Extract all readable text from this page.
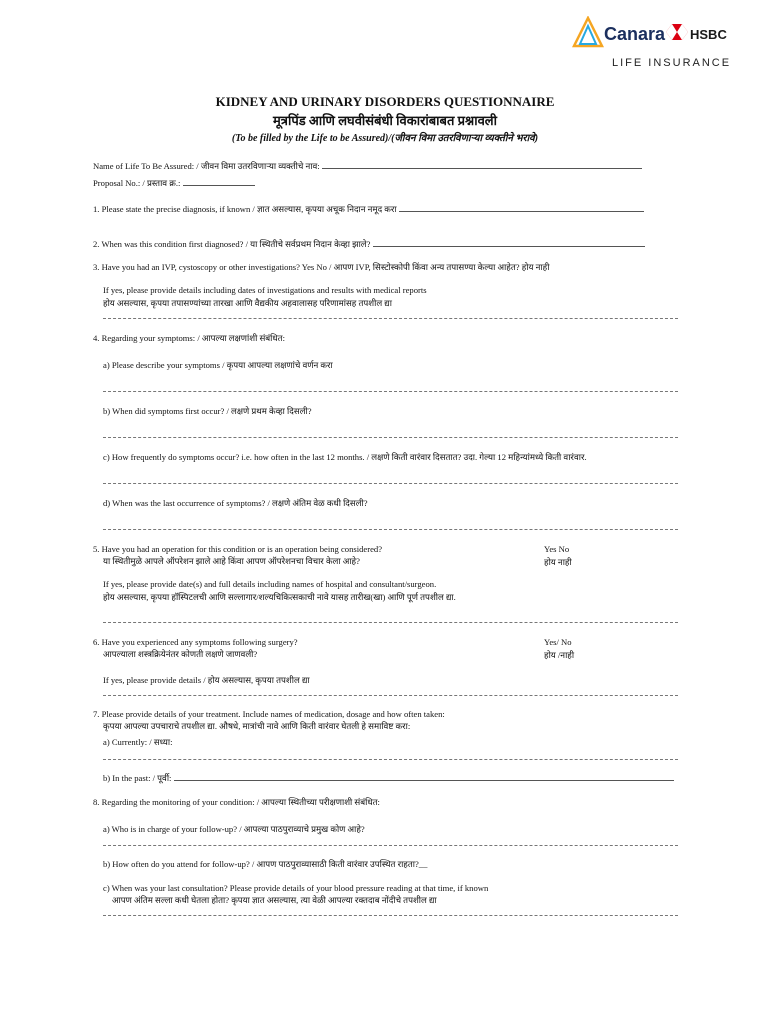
Canara HSBC
LIFE INSURANCE
KIDNEY AND URINARY DISORDERS QUESTIONNAIRE
मूत्रपिंड आणि लघवीसंबंधी विकारांबाबत प्रश्नावली
(To be filled by the Life to be Assured)/(जीवन विमा उतरविणाऱ्या व्यक्तीने भरावे)
Name of Life To Be Assured: / जीवन विमा उतरविणाऱ्या व्यक्तीचे नाव:
Proposal No.: / प्रस्ताव क्र.:
1. Please state the precise diagnosis, if known / ज्ञात असल्यास, कृपया अचूक निदान नमूद करा
2. When was this condition first diagnosed? / या स्थितीचे सर्वप्रथम निदान केव्हा झाले?
3. Have you had an IVP, cystoscopy or other investigations? Yes No / आपण IVP, सिस्टोस्कोपी किंवा अन्य तपासण्या केल्या आहेत? होय नाही
If yes, please provide details including dates of investigations and results with medical reports
होय असल्यास, कृपया तपासण्यांच्या तारखा आणि वैद्यकीय अहवालासह परिणामांसह तपशील द्या
4. Regarding your symptoms: / आपल्या लक्षणांशी संबंधित:
a) Please describe your symptoms / कृपया आपल्या लक्षणांचे वर्णन करा
b) When did symptoms first occur? / लक्षणे प्रथम केव्हा दिसली?
c) How frequently do symptoms occur? i.e. how often in the last 12 months. / लक्षणे किती वारंवार दिसतात? उदा. गेल्या 12 महिन्यांमध्ये किती वारंवार.
d) When was the last occurrence of symptoms? / लक्षणे अंतिम वेळ कधी दिसली?
5. Have you had an operation for this condition or is an operation being considered?
या स्थितीमुळे आपले ऑपरेशन झाले आहे किंवा आपण ऑपरेशनचा विचार केला आहे?
Yes No
होय नाही
If yes, please provide date(s) and full details including names of hospital and consultant/surgeon.
होय असल्यास, कृपया हॉस्पिटलची आणि सल्लागार/शल्यचिकित्सकाची नावे यासह तारीख(खा) आणि पूर्ण तपशील द्या.
6. Have you experienced any symptoms following surgery?
आपल्याला शस्त्रक्रियेनंतर कोणती लक्षणे जाणवली?
Yes/ No
होय /नाही
If yes, please provide details / होय असल्यास, कृपया तपशील द्या
7. Please provide details of your treatment. Include names of medication, dosage and how often taken:
कृपया आपल्या उपचाराचे तपशील द्या. औषधे, मात्रांची नावे आणि किती वारंवार घेतली हे समाविष्ट करा:
a) Currently: / सध्या:
b) In the past: / पूर्वी:
8. Regarding the monitoring of your condition: / आपल्या स्थितीच्या परीक्षणाशी संबंधित:
a) Who is in charge of your follow-up? / आपल्या पाठपुराव्याचे प्रमुख कोण आहे?
b) How often do you attend for follow-up? / आपण पाठपुराव्यासाठी किती वारंवार उपस्थित राहता?__
c) When was your last consultation? Please provide details of your blood pressure reading at that time, if known
आपण अंतिम सल्ला कधी घेतला होता? कृपया ज्ञात असल्यास, त्या वेळी आपल्या रक्तदाब नोंदीचे तपशील द्या
